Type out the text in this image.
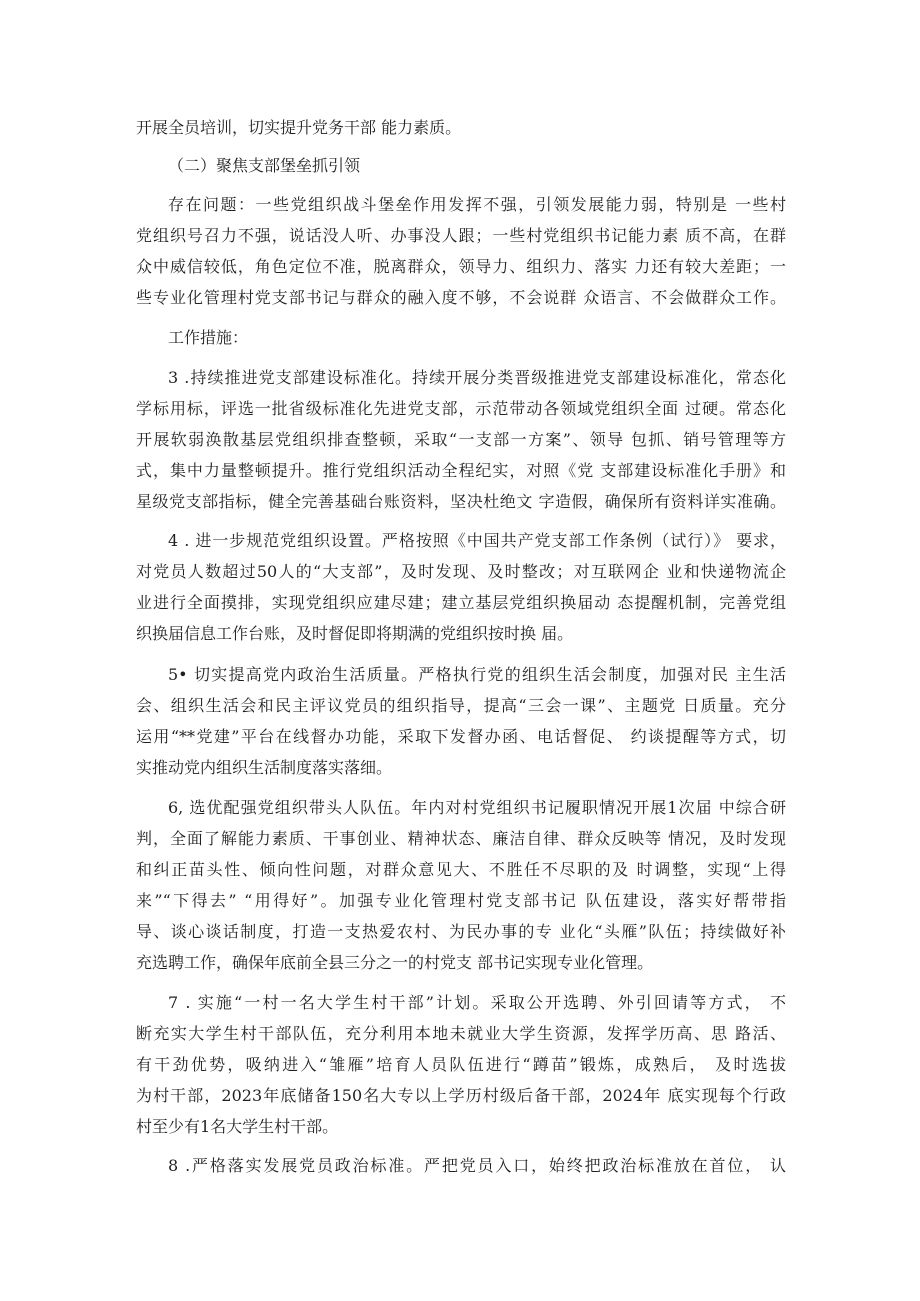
开展全员培训，切实提升党务干部 能力素质。
（二）聚焦支部堡垒抓引领
存在问题：一些党组织战斗堡垒作用发挥不强，引领发展能力弱，特别是 一些村
党组织号召力不强，说话没人听、办事没人跟；一些村党组织书记能力素 质不高，在群
众中威信较低，角色定位不准，脱离群众，领导力、组织力、落实 力还有较大差距；一
些专业化管理村党支部书记与群众的融入度不够，不会说群 众语言、不会做群众工作。
工作措施：
3 .持续推进党支部建设标准化。持续开展分类晋级推进党支部建设标准化，常态化
学标用标，评选一批省级标准化先进党支部，示范带动各领域党组织全面 过硬。常态化
开展软弱涣散基层党组织排查整顿，采取“一支部一方案”、领导 包抓、销号管理等方
式，集中力量整顿提升。推行党组织活动全程纪实，对照《党 支部建设标准化手册》和
星级党支部指标，健全完善基础台账资料，坚决杜绝文 字造假，确保所有资料详实准确。
4 . 进一步规范党组织设置。严格按照《中国共产党支部工作条例（试行）》 要求，
对党员人数超过50人的“大支部”，及时发现、及时整改；对互联网企 业和快递物流企
业进行全面摸排，实现党组织应建尽建；建立基层党组织换届动 态提醒机制，完善党组
织换届信息工作台账，及时督促即将期满的党组织按时换 届。
5• 切实提高党内政治生活质量。严格执行党的组织生活会制度，加强对民 主生活
会、组织生活会和民主评议党员的组织指导，提高“三会一课”、主题党 日质量。充分
运用“**党建”平台在线督办功能，采取下发督办函、电话督促、 约谈提醒等方式，切
实推动党内组织生活制度落实落细。
6, 选优配强党组织带头人队伍。年内对村党组织书记履职情况开展1次届 中综合研
判，全面了解能力素质、干事创业、精神状态、廉洁自律、群众反映等 情况，及时发现
和纠正苗头性、倾向性问题，对群众意见大、不胜任不尽职的及 时调整，实现“上得
来”“下得去” “用得好”。加强专业化管理村党支部书记 队伍建设，落实好帮带指
导、谈心谈话制度，打造一支热爱农村、为民办事的专 业化“头雁”队伍；持续做好补
充选聘工作，确保年底前全县三分之一的村党支 部书记实现专业化管理。
7 . 实施“一村一名大学生村干部”计划。采取公开选聘、外引回请等方式， 不
断充实大学生村干部队伍，充分利用本地未就业大学生资源，发挥学历高、思 路活、
有干劲优势，吸纳进入“雏雁”培育人员队伍进行“蹲苗”锻炼，成熟后， 及时选拔
为村干部，2023年底储备150名大专以上学历村级后备干部，2024年 底实现每个行政
村至少有1名大学生村干部。
8 .严格落实发展党员政治标准。严把党员入口，始终把政治标准放在首位， 认
